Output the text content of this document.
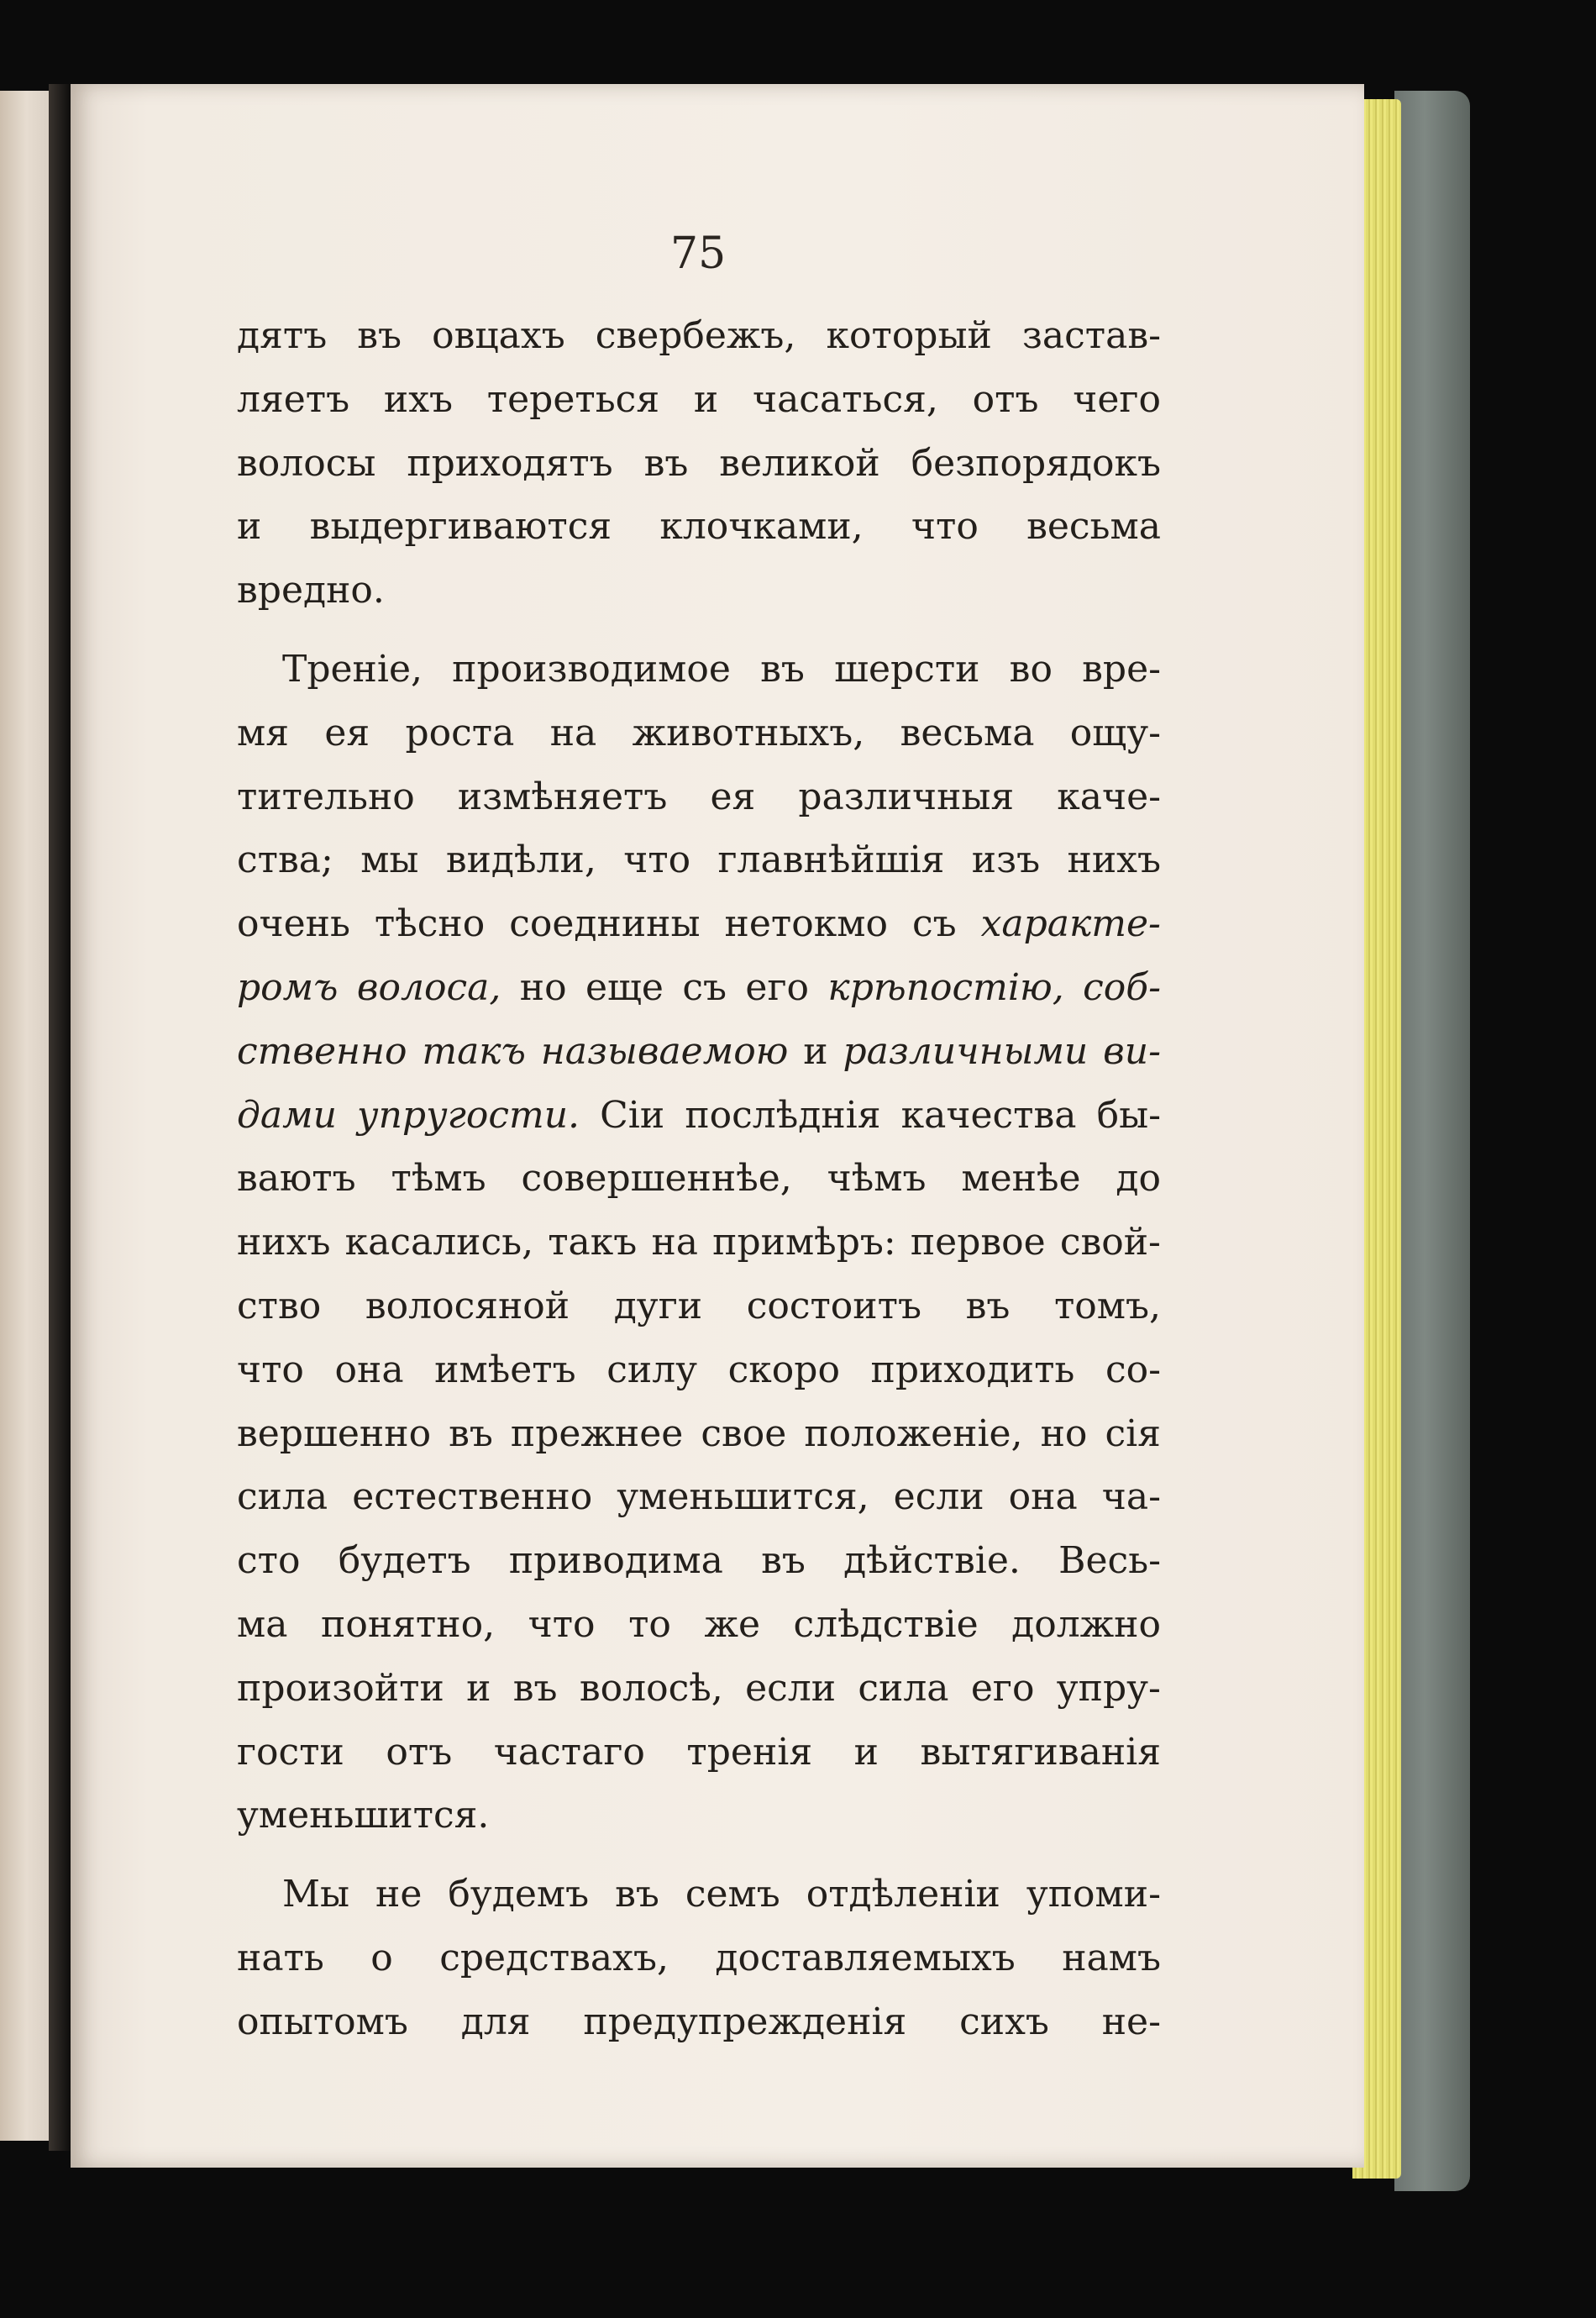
75
дятъ въ овцахъ свербежъ, который застав-
ляетъ ихъ тереться и часаться, отъ чего
волосы приходятъ въ великой безпорядокъ
и выдергиваются клочками, что весьма
вредно.
Треніе, производимое въ шерсти во вре-
мя ея роста на животныхъ, весьма ощу-
тительно измѣняетъ ея различныя каче-
ства; мы видѣли, что главнѣйшія изъ нихъ
очень тѣсно соеднины нетокмо съ характе-
ромъ волоса, но еще съ его крѣпостію, соб-
ственно такъ называемою и различными ви-
дами упругости. Сіи послѣднія качества бы-
ваютъ тѣмъ совершеннѣе, чѣмъ менѣе до
нихъ касались, такъ на примѣръ: первое свой-
ство волосяной дуги состоитъ въ томъ,
что она имѣетъ силу скоро приходить со-
вершенно въ прежнее свое положеніе, но сія
сила естественно уменьшится, если она ча-
сто будетъ приводима въ дѣйствіе. Весь-
ма понятно, что то же слѣдствіе должно
произойти и въ волосѣ, если сила его упру-
гости отъ частаго тренія и вытягиванія
уменьшится.
Мы не будемъ въ семъ отдѣленіи упоми-
нать о средствахъ, доставляемыхъ намъ
опытомъ для предупрежденія сихъ не-
